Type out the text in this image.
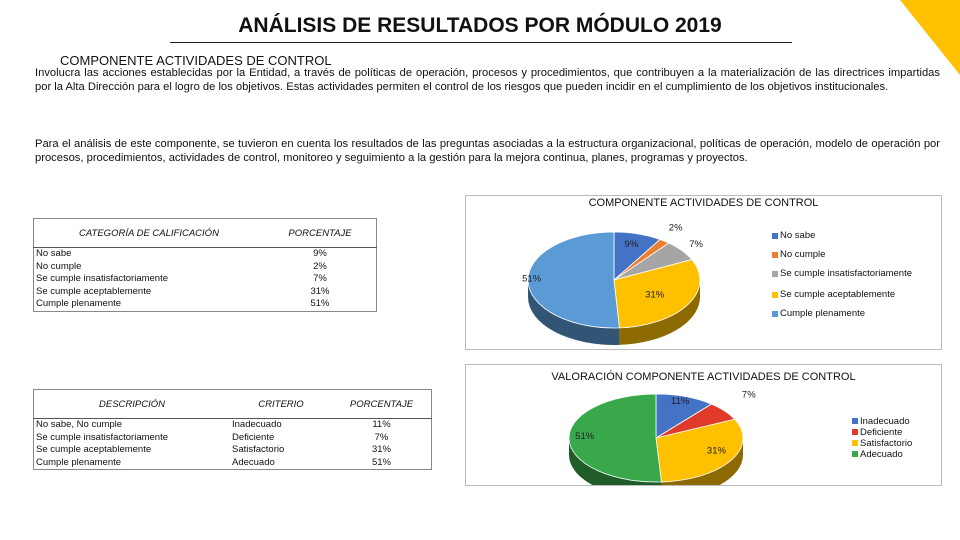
ANÁLISIS DE RESULTADOS POR MÓDULO 2019
COMPONENTE ACTIVIDADES DE CONTROL
Involucra las acciones establecidas por la Entidad, a través de políticas de operación, procesos y procedimientos, que contribuyen a la materialización de las directrices impartidas por la Alta Dirección para el logro de los objetivos. Estas actividades permiten el control de los riesgos que pueden incidir en el cumplimiento de los objetivos institucionales.
Para el análisis de este componente, se tuvieron en cuenta los resultados de las preguntas asociadas a la estructura organizacional, políticas de operación, modelo de operación por procesos, procedimientos, actividades de control, monitoreo y seguimiento a la gestión para la mejora continua, planes, programas y proyectos.
CATEGORÍA DE CALIFICACIÓN	PORCENTAJE
No sabe	9%
No cumple	2%
Se cumple insatisfactoriamente	7%
Se cumple aceptablemente	31%
Cumple plenamente	51%
DESCRIPCIÓN	CRITERIO	PORCENTAJE
No sabe, No cumple	Inadecuado	11%
Se cumple insatisfactoriamente	Deficiente	7%
Se cumple aceptablemente	Satisfactorio	31%
Cumple plenamente	Adecuado	51%
COMPONENTE ACTIVIDADES DE CONTROL
9%
2%
7%
31%
51%
No sabe
No cumple
Se cumple insatisfactoriamente
Se cumple aceptablemente
Cumple plenamente
VALORACIÓN COMPONENTE ACTIVIDADES DE CONTROL
11%
7%
31%
51%
Inadecuado
Deficiente
Satisfactorio
Adecuado
